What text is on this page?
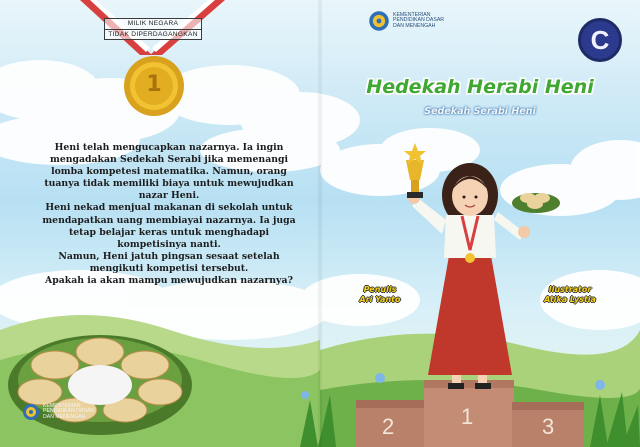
MILIK NEGARA
TIDAK DIPERDAGANGKAN
1

Heni telah mengucapkan nazarnya. Ia ingin mengadakan Sedekah Serabi jika memenangi lomba kompetesi matematika. Namun, orang tuanya tidak memiliki biaya untuk mewujudkan nazar Heni.

Heni nekad menjual makanan di sekolah untuk mendapatkan uang membiayai nazarnya. Ia juga tetap belajar keras untuk menghadapi kompetisinya nanti.

Namun, Heni jatuh pingsan sesaat setelah mengikuti kompetisi tersebut.

Apakah ia akan mampu mewujudkan nazarnya?

KEMENTERIAN
PENDIDIKAN DASAR
DAN MENENGAH
KEMENTERIAN
PENDIDIKAN DASAR
DAN MENENGAH	C
Hedekah Herabi Heni
Sedekah Serabi Heni
Penulis
Ari Yanto
Ilustrator
Atika Lystia
2	1	3
